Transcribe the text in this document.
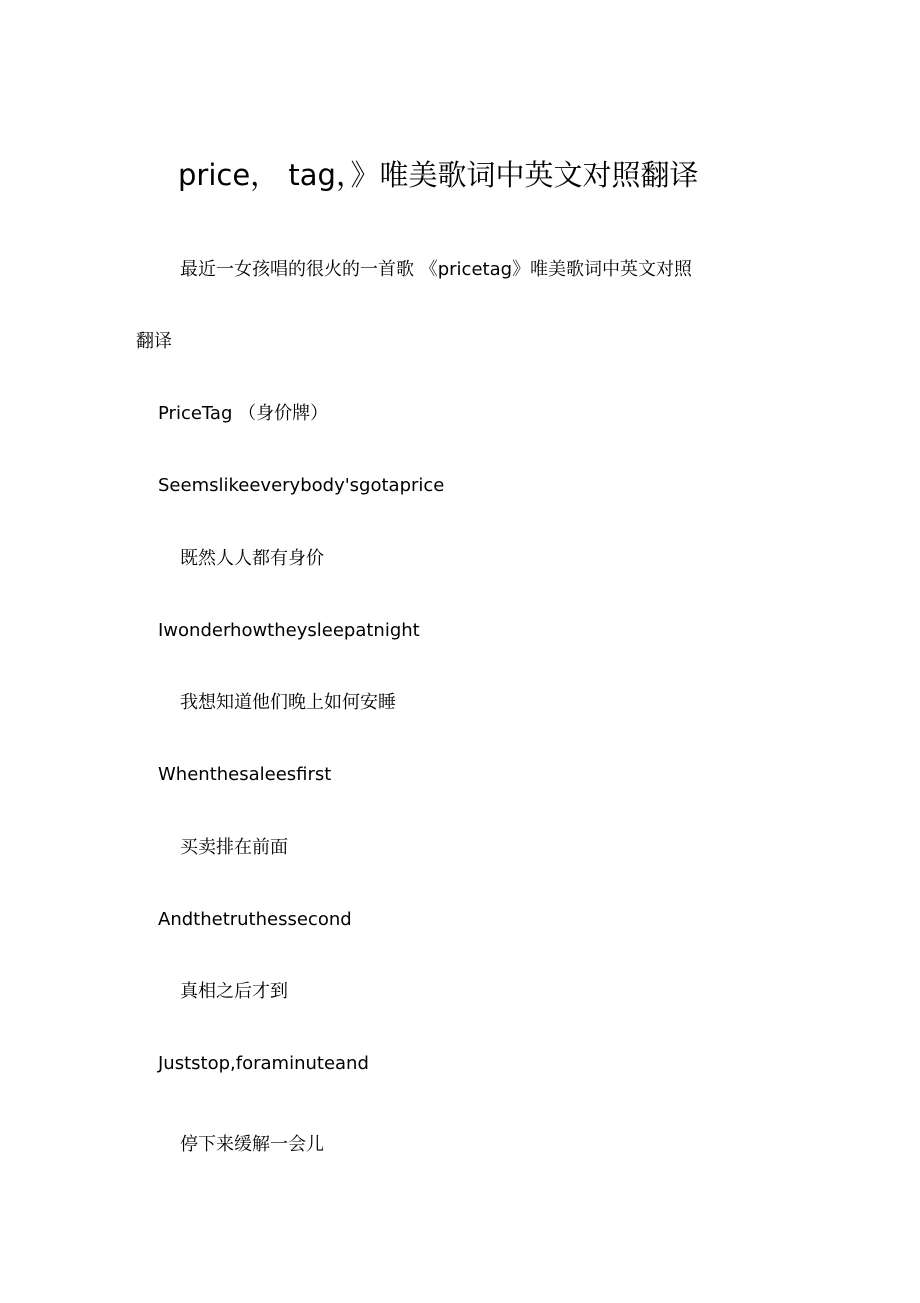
price， tag，》唯美歌词中英文对照翻译

最近一女孩唱的很火的一首歌 《pricetag》唯美歌词中英文对照

翻译

PriceTag （身价牌）

Seemslikeeverybody'sgotaprice

既然人人都有身价

Iwonderhowtheysleepatnight

我想知道他们晚上如何安睡

Whenthesaleesfirst

买卖排在前面

Andthetruthessecond

真相之后才到

Juststop,foraminuteand

停下来缓解一会儿
